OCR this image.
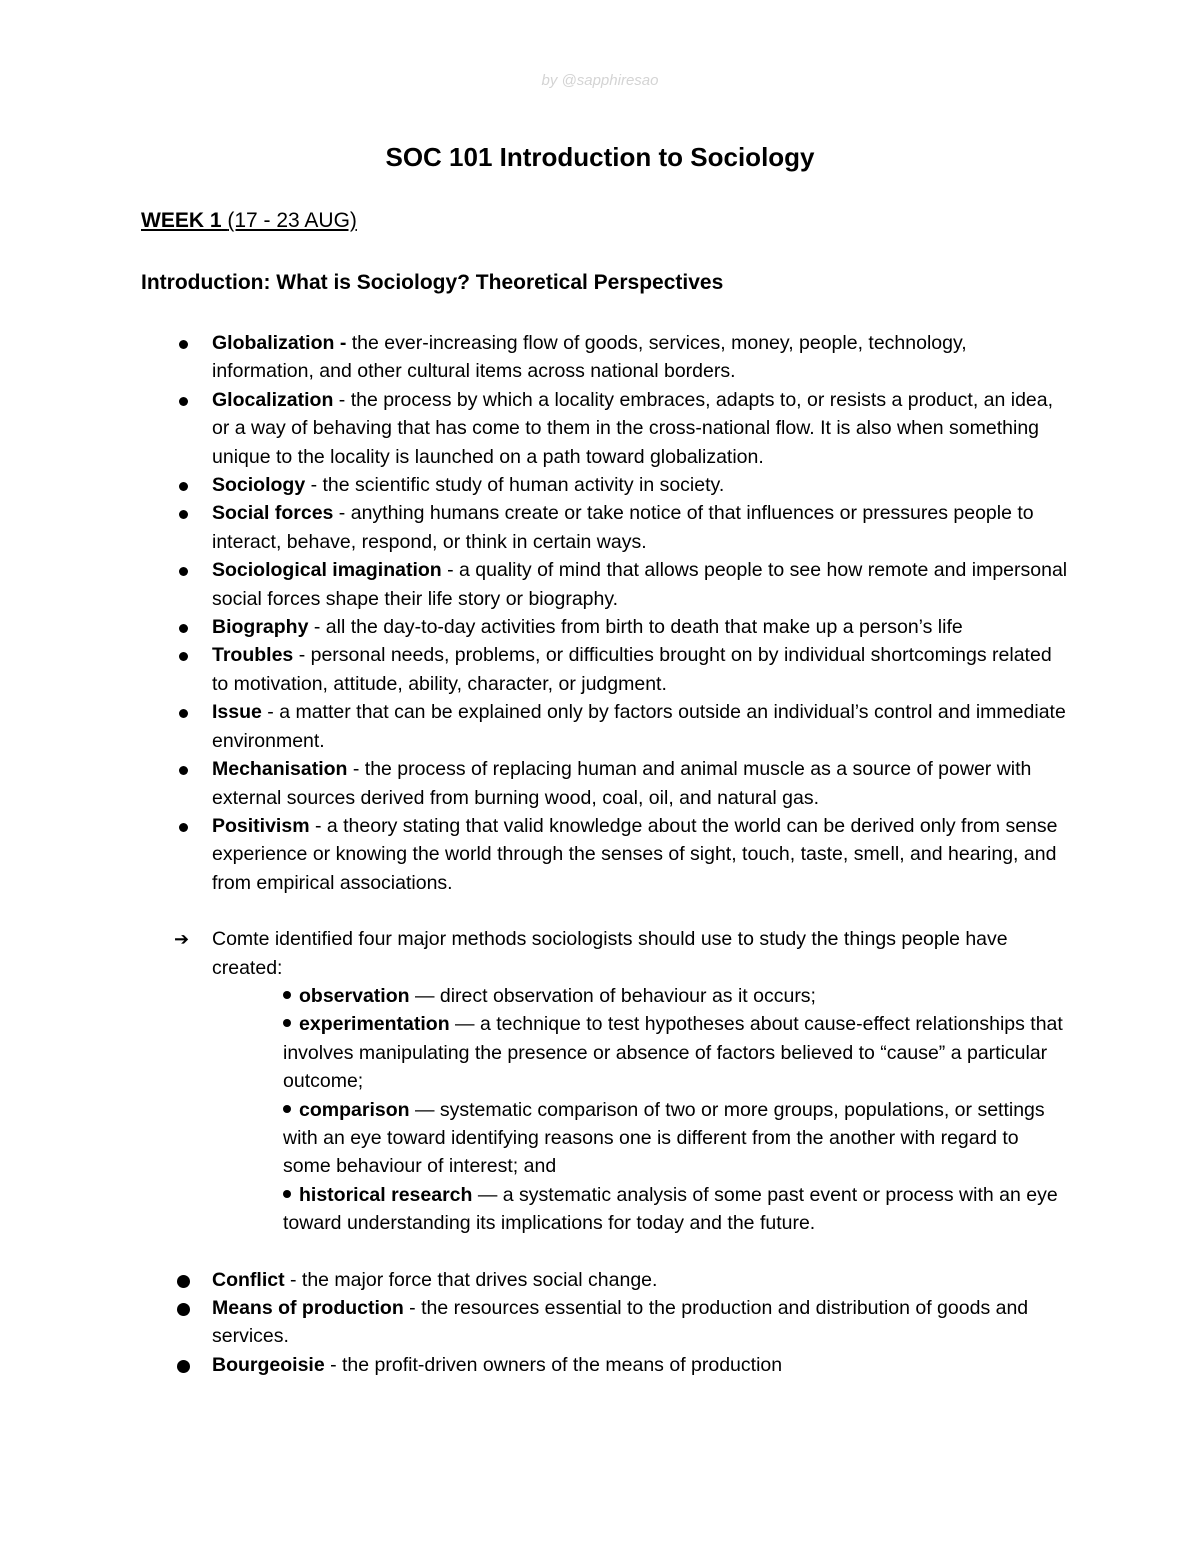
by @sapphiresao
SOC 101 Introduction to Sociology
WEEK 1 (17 - 23 AUG)
Introduction: What is Sociology? Theoretical Perspectives
Globalization - the ever-increasing flow of goods, services, money, people, technology, information, and other cultural items across national borders.
Glocalization - the process by which a locality embraces, adapts to, or resists a product, an idea, or a way of behaving that has come to them in the cross-national flow. It is also when something unique to the locality is launched on a path toward globalization.
Sociology - the scientific study of human activity in society.
Social forces - anything humans create or take notice of that influences or pressures people to interact, behave, respond, or think in certain ways.
Sociological imagination - a quality of mind that allows people to see how remote and impersonal social forces shape their life story or biography.
Biography - all the day-to-day activities from birth to death that make up a person’s life
Troubles - personal needs, problems, or difficulties brought on by individual shortcomings related to motivation, attitude, ability, character, or judgment.
Issue - a matter that can be explained only by factors outside an individual’s control and immediate environment.
Mechanisation - the process of replacing human and animal muscle as a source of power with external sources derived from burning wood, coal, oil, and natural gas.
Positivism - a theory stating that valid knowledge about the world can be derived only from sense experience or knowing the world through the senses of sight, touch, taste, smell, and hearing, and from empirical associations.
➔ Comte identified four major methods sociologists should use to study the things people have created:
observation — direct observation of behaviour as it occurs;
experimentation — a technique to test hypotheses about cause-effect relationships that involves manipulating the presence or absence of factors believed to “cause” a particular outcome;
comparison — systematic comparison of two or more groups, populations, or settings with an eye toward identifying reasons one is different from the another with regard to some behaviour of interest; and
historical research — a systematic analysis of some past event or process with an eye toward understanding its implications for today and the future.
Conflict - the major force that drives social change.
Means of production - the resources essential to the production and distribution of goods and services.
Bourgeoisie - the profit-driven owners of the means of production
